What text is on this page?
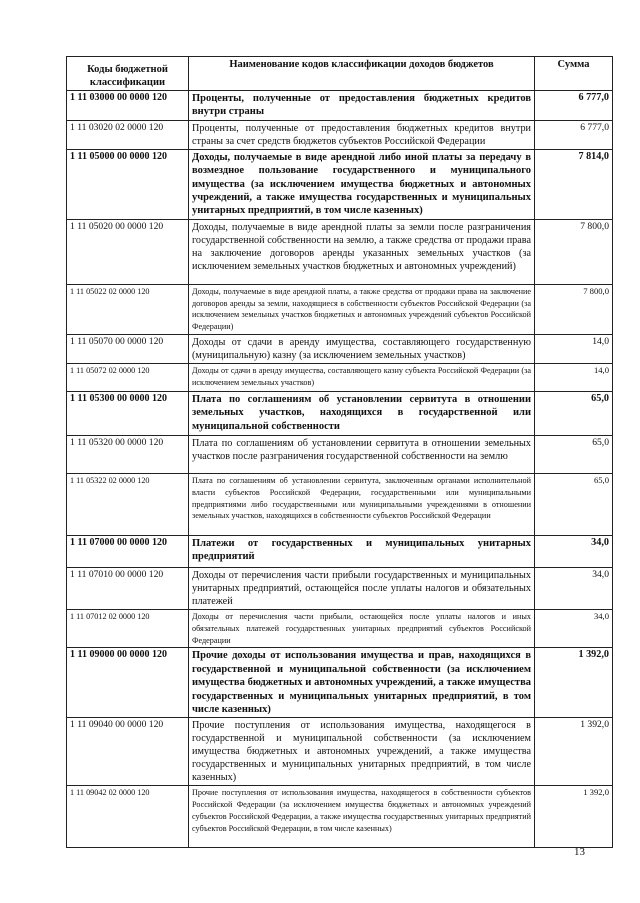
Коды бюджетной классификации	Наименование кодов классификации доходов бюджетов	Сумма
1 11 03000 00 0000 120	Проценты, полученные от предоставления бюджетных кредитов внутри страны	6 777,0
1 11 03020 02 0000 120	Проценты, полученные от предоставления бюджетных кредитов внутри страны за счет средств бюджетов субъектов Российской Федерации	6 777,0
1 11 05000 00 0000 120	Доходы, получаемые в виде арендной либо иной платы за передачу в возмездное пользование государственного и муниципального имущества (за исключением имущества бюджетных и автономных учреждений, а также имущества государственных и муниципальных унитарных предприятий, в том числе казенных)	7 814,0
1 11 05020 00 0000 120	Доходы, получаемые в виде арендной платы за земли после разграничения государственной собственности на землю, а также средства от продажи права на заключение договоров аренды указанных земельных участков (за исключением земельных участков бюджетных и автономных учреждений)	7 800,0
1 11 05022 02 0000 120	Доходы, получаемые в виде арендной платы, а также средства от продажи права на заключение договоров аренды за земли, находящиеся в собственности субъектов Российской Федерации (за исключением земельных участков бюджетных и автономных учреждений субъектов Российской Федерации)	7 800,0
1 11 05070 00 0000 120	Доходы от сдачи в аренду имущества, составляющего государственную (муниципальную) казну (за исключением земельных участков)	14,0
1 11 05072 02 0000 120	Доходы от сдачи в аренду имущества, составляющего казну субъекта Российской Федерации (за исключением земельных участков)	14,0
1 11 05300 00 0000 120	Плата по соглашениям об установлении сервитута в отношении земельных участков, находящихся в государственной или муниципальной собственности	65,0
1 11 05320 00 0000 120	Плата по соглашениям об установлении сервитута в отношении земельных участков после разграничения государственной собственности на землю	65,0
1 11 05322 02 0000 120	Плата по соглашениям об установлении сервитута, заключенным органами исполнительной власти субъектов Российской Федерации, государственными или муниципальными предприятиями либо государственными или муниципальными учреждениями в отношении земельных участков, находящихся в собственности субъектов Российской Федерации	65,0
1 11 07000 00 0000 120	Платежи от государственных и муниципальных унитарных предприятий	34,0
1 11 07010 00 0000 120	Доходы от перечисления части прибыли государственных и муниципальных унитарных предприятий, остающейся после уплаты налогов и обязательных платежей	34,0
1 11 07012 02 0000 120	Доходы от перечисления части прибыли, остающейся после уплаты налогов и иных обязательных платежей государственных унитарных предприятий субъектов Российской Федерации	34,0
1 11 09000 00 0000 120	Прочие доходы от использования имущества и прав, находящихся в государственной и муниципальной собственности (за исключением имущества бюджетных и автономных учреждений, а также имущества государственных и муниципальных унитарных предприятий, в том числе казенных)	1 392,0
1 11 09040 00 0000 120	Прочие поступления от использования имущества, находящегося в государственной и муниципальной собственности (за исключением имущества бюджетных и автономных учреждений, а также имущества государственных и муниципальных унитарных предприятий, в том числе казенных)	1 392,0
1 11 09042 02 0000 120	Прочие поступления от использования имущества, находящегося в собственности субъектов Российской Федерации (за исключением имущества бюджетных и автономных учреждений субъектов Российской Федерации, а также имущества государственных унитарных предприятий субъектов Российской Федерации, в том числе казенных)	1 392,0
13
